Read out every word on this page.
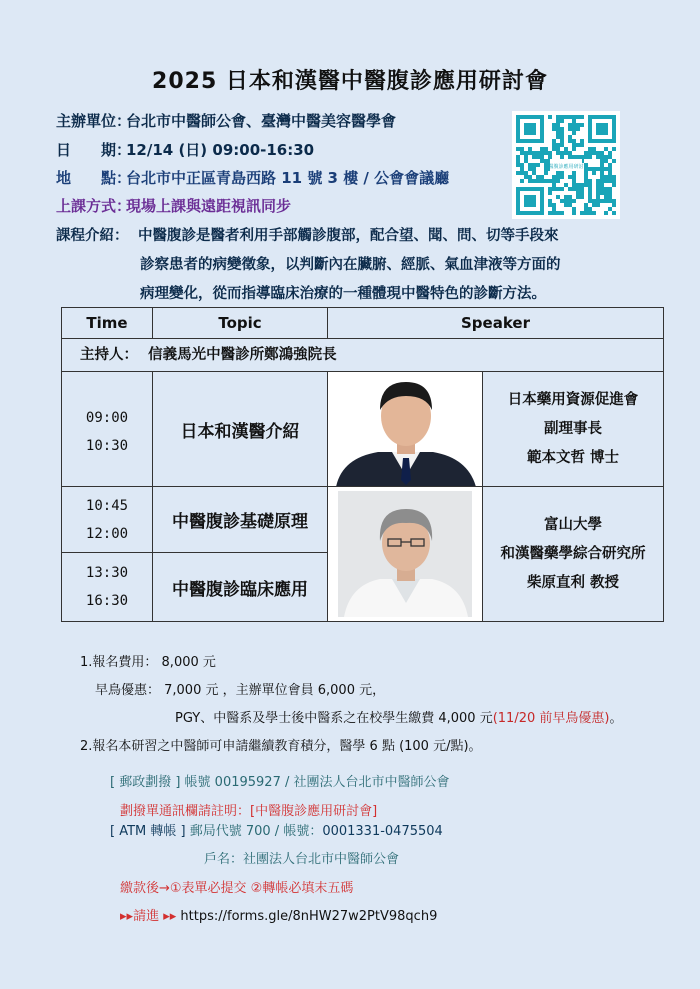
2025 日本和漢醫中醫腹診應用研討會
主辦單位：台北市中醫師公會、臺灣中醫美容醫學會
日　　期：12/14 (日) 09:00-16:30
地　　點：台北市中正區青島西路 11 號 3 樓 / 公會會議廳
上課方式：現場上課與遠距視訊同步
課程介紹： 中醫腹診是醫者利用手部觸診腹部，配合望、聞、問、切等手段來
診察患者的病變徵象，以判斷內在臟腑、經脈、氣血津液等方面的
病理變化，從而指導臨床治療的一種體現中醫特色的診斷方法。
中醫腹診應用研討會
Time	Topic	Speaker
主持人： 信義馬光中醫診所鄭鴻強院長
09:00
10:30
日本和漢醫介紹
日本藥用資源促進會
副理事長
範本文哲 博士
10:45
12:00
中醫腹診基礎原理
13:30
16:30
中醫腹診臨床應用
富山大學
和漢醫藥學綜合研究所
柴原直利 教授
1.報名費用： 8,000 元
早鳥優惠： 7,000 元 ，主辦單位會員 6,000 元，
PGY、中醫系及學士後中醫系之在校學生繳費 4,000 元(11/20 前早鳥優惠)。
2.報名本研習之中醫師可申請繼續教育積分，醫學 6 點 (100 元/點)。
[ 郵政劃撥 ] 帳號 00195927 / 社團法人台北市中醫師公會
劃撥單通訊欄請註明：[中醫腹診應用研討會]
[ ATM 轉帳 ] 郵局代號 700 / 帳號：0001331-0475504
戶名：社團法人台北市中醫師公會
繳款後→①表單必提交 ②轉帳必填末五碼
▸▸請進 ▸▸ https://forms.gle/8nHW27w2PtV98qch9
